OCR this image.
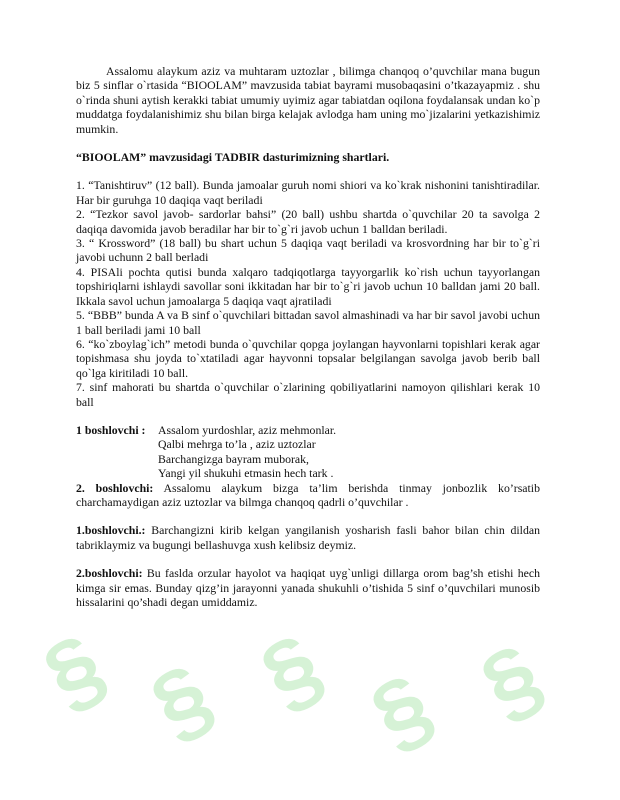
§ § § § §

Assalomu alaykum aziz va muhtaram uztozlar , bilimga chanqoq o’quvchilar mana bugun biz 5 sinflar o`rtasida “BIOOLAM” mavzusida tabiat bayrami musobaqasini o’tkazayapmiz . shu o`rinda shuni aytish kerakki tabiat umumiy uyimiz agar tabiatdan oqilona foydalansak undan ko`p muddatga foydalanishimiz shu bilan birga kelajak avlodga ham uning mo`jizalarini yetkazishimiz mumkin.

“BIOOLAM” mavzusidagi TADBIR dasturimizning shartlari.

1. “Tanishtiruv” (12 ball). Bunda jamoalar guruh nomi shiori va ko`krak nishonini tanishtiradilar. Har bir guruhga 10 daqiqa vaqt beriladi

2. “Tezkor savol javob- sardorlar bahsi” (20 ball) ushbu shartda o`quvchilar 20 ta savolga 2 daqiqa davomida javob beradilar har bir to`g`ri javob uchun 1 balldan beriladi.

3. “ Krossword” (18 ball) bu shart uchun 5 daqiqa vaqt beriladi va krosvordning har bir to`g`ri javobi uchunn 2 ball berladi

4. PISAli pochta qutisi bunda xalqaro tadqiqotlarga tayyorgarlik ko`rish uchun tayyorlangan topshiriqlarni ishlaydi savollar soni ikkitadan har bir to`g`ri javob uchun 10 balldan jami 20 ball. Ikkala savol uchun jamoalarga 5 daqiqa vaqt ajratiladi

5. “BBB” bunda A va B sinf o`quvchilari bittadan savol almashinadi va har bir savol javobi uchun 1 ball beriladi jami 10 ball

6. “ko`zboylag`ich” metodi bunda o`quvchilar qopga joylangan hayvonlarni topishlari kerak agar topishmasa shu joyda to`xtatiladi agar hayvonni topsalar belgilangan savolga javob berib ball qo`lga kiritiladi 10 ball.

7. sinf mahorati bu shartda o`quvchilar o`zlarining qobiliyatlarini namoyon qilishlari kerak 10 ball

1 boshlovchi :	Assalom yurdoshlar, aziz mehmonlar.
Qalbi mehrga to’la , aziz uztozlar
Barchangizga bayram muborak,
Yangi yil shukuhi etmasin hech tark .

2. boshlovchi: Assalomu alaykum bizga ta’lim berishda tinmay jonbozlik ko’rsatib charchamaydigan aziz uztozlar va bilmga chanqoq qadrli o’quvchilar .

1.boshlovchi.: Barchangizni kirib kelgan yangilanish yosharish fasli bahor bilan chin dildan tabriklaymiz va bugungi bellashuvga xush kelibsiz deymiz.

2.boshlovchi: Bu faslda orzular hayolot va haqiqat uyg`unligi dillarga orom bag’sh etishi hech kimga sir emas. Bunday qizg’in jarayonni yanada shukuhli o’tishida 5 sinf o’quvchilari munosib hissalarini qo’shadi degan umiddamiz.
